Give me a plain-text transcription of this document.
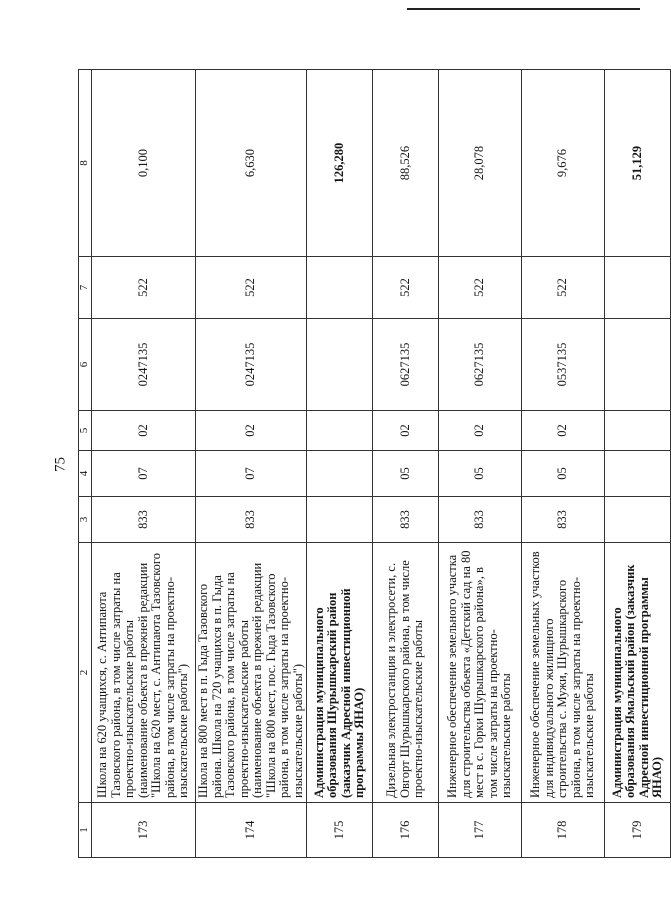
75
1	2	3	4	5	6	7	8
173	Школа на 620 учащихся, с. Антипаюта Тазовского района, в том числе затраты на проектно-изыскательские работы (наименование объекта в прежней редакции "Школа на 620 мест, с. Антипаюта Тазовского района, в том числе затраты на проектно-изыскательские работы")	833	07	02	0247135	522	0,100
174	Школа на 800 мест в п. Гыда Тазовского района. Школа на 720 учащихся в п. Гыда Тазовского района, в том числе затраты на проектно-изыскательские работы (наименование объекта в прежней редакции "Школа на 800 мест, пос. Гыда Тазовского района, в том числе затраты на проектно-изыскательские работы")	833	07	02	0247135	522	6,630
175	Администрация муниципального образования Шурышкарский район (заказчик Адресной инвестиционной программы ЯНАО)						126,280
176	Дизельная электростанция и электросети, с. Овгорт Шурышкарского района, в том числе проектно-изыскательские работы	833	05	02	0627135	522	88,526
177	Инженерное обеспечение земельного участка для строительства объекта «Детский сад на 80 мест в с. Горки Шурышкарского района», в том числе затраты на проектно-изыскательские работы	833	05	02	0627135	522	28,078
178	Инженерное обеспечение земельных участков для индивидуального жилищного строительства с. Мужи, Шурышкарского района, в том числе затраты на проектно-изыскательские работы	833	05	02	0537135	522	9,676
179	Администрация муниципального образования Ямальский район (заказчик Адресной инвестиционной программы ЯНАО)						51,129
